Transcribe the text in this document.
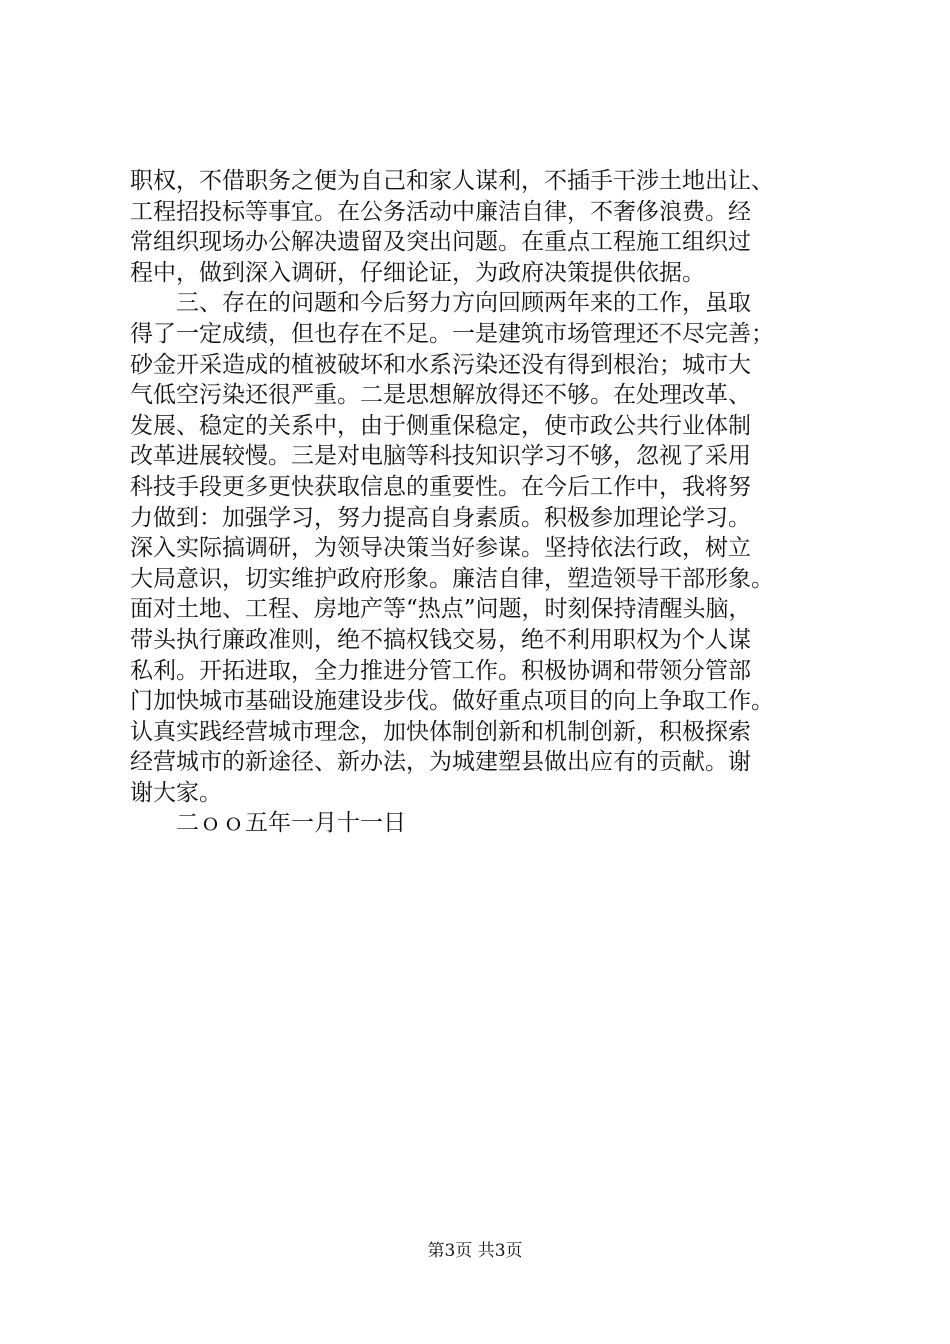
职权，不借职务之便为自己和家人谋利，不插手干涉土地出让、
工程招投标等事宜。在公务活动中廉洁自律，不奢侈浪费。经
常组织现场办公解决遗留及突出问题。在重点工程施工组织过
程中，做到深入调研，仔细论证，为政府决策提供依据。
三、存在的问题和今后努力方向回顾两年来的工作，虽取
得了一定成绩，但也存在不足。一是建筑市场管理还不尽完善；
砂金开采造成的植被破坏和水系污染还没有得到根治；城市大
气低空污染还很严重。二是思想解放得还不够。在处理改革、
发展、稳定的关系中，由于侧重保稳定，使市政公共行业体制
改革进展较慢。三是对电脑等科技知识学习不够，忽视了采用
科技手段更多更快获取信息的重要性。在今后工作中，我将努
力做到：加强学习，努力提高自身素质。积极参加理论学习。
深入实际搞调研，为领导决策当好参谋。坚持依法行政，树立
大局意识，切实维护政府形象。廉洁自律，塑造领导干部形象。
面对土地、工程、房地产等“热点”问题，时刻保持清醒头脑，
带头执行廉政准则，绝不搞权钱交易，绝不利用职权为个人谋
私利。开拓进取，全力推进分管工作。积极协调和带领分管部
门加快城市基础设施建设步伐。做好重点项目的向上争取工作。
认真实践经营城市理念，加快体制创新和机制创新，积极探索
经营城市的新途径、新办法，为城建塑县做出应有的贡献。谢
谢大家。
二ｏｏ五年一月十一日
第3页 共3页
